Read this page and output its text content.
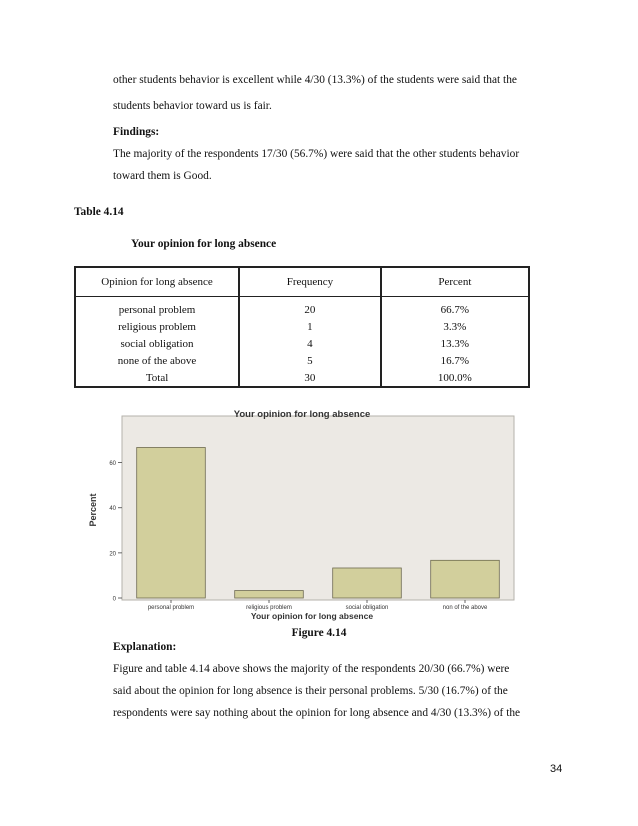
other students behavior is excellent while 4/30 (13.3%) of the students were said that the
students behavior toward us is fair.
Findings:
The majority of the respondents 17/30 (56.7%) were said that the other students behavior
toward them is Good.
Table 4.14
Your opinion for long absence
Opinion for long absence	Frequency	Percent
personal problem	20	66.7%
religious problem	1	3.3%
social obligation	4	13.3%
none of the above	5	16.7%
Total	30	100.0%
Your opinion for long absence
0
20
40
60
personal problem	religious problem	social obligation	non of the above
Percent
Your opinion for long absence
Figure 4.14
Explanation:
Figure and table 4.14 above shows the majority of the respondents 20/30 (66.7%) were
said about the opinion for long absence is their personal problems. 5/30 (16.7%) of the
respondents were say nothing about the opinion for long absence and 4/30 (13.3%) of the
34
